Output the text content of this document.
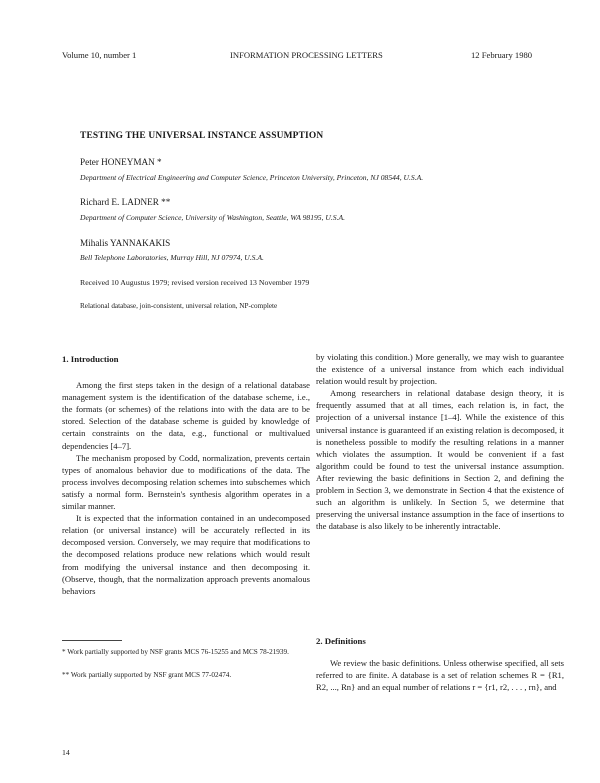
Volume 10, number 1	INFORMATION PROCESSING LETTERS	12 February 1980
TESTING THE UNIVERSAL INSTANCE ASSUMPTION
Peter HONEYMAN *
Department of Electrical Engineering and Computer Science, Princeton University, Princeton, NJ 08544, U.S.A.
Richard E. LADNER **
Department of Computer Science, University of Washington, Seattle, WA 98195, U.S.A.
Mihalis YANNAKAKIS
Bell Telephone Laboratories, Murray Hill, NJ 07974, U.S.A.
Received 10 Augustus 1979; revised version received 13 November 1979
Relational database, join-consistent, universal relation, NP-complete
1. Introduction

Among the first steps taken in the design of a relational database management system is the identification of the database scheme, i.e., the formats (or schemes) of the relations into with the data are to be stored. Selection of the database scheme is guided by knowledge of certain constraints on the data, e.g., functional or multivalued dependencies [4–7].

The mechanism proposed by Codd, normalization, prevents certain types of anomalous behavior due to modifications of the data. The process involves decomposing relation schemes into subschemes which satisfy a normal form. Bernstein's synthesis algorithm operates in a similar manner.

It is expected that the information contained in an undecomposed relation (or universal instance) will be accurately reflected in its decomposed version. Conversely, we may require that modifications to the decomposed relations produce new relations which would result from modifying the universal instance and then decomposing it. (Observe, though, that the normalization approach prevents anomalous behaviors

* Work partially supported by NSF grants MCS 76-15255 and MCS 78-21939.
** Work partially supported by NSF grant MCS 77-02474.

by violating this condition.) More generally, we may wish to guarantee the existence of a universal instance from which each individual relation would result by projection.

Among researchers in relational database design theory, it is frequently assumed that at all times, each relation is, in fact, the projection of a universal instance [1–4]. While the existence of this universal instance is guaranteed if an existing relation is decomposed, it is nonetheless possible to modify the resulting relations in a manner which violates the assumption. It would be convenient if a fast algorithm could be found to test the universal instance assumption. After reviewing the basic definitions in Section 2, and defining the problem in Section 3, we demonstrate in Section 4 that the existence of such an algorithm is unlikely. In Section 5, we determine that preserving the universal instance assumption in the face of insertions to the database is also likely to be inherently intractable.

2. Definitions

We review the basic definitions. Unless otherwise specified, all sets referred to are finite. A database is a set of relation schemes R = {R1, R2, ..., Rn} and an equal number of relations r = {r1, r2, . . . , rn}, and

14
